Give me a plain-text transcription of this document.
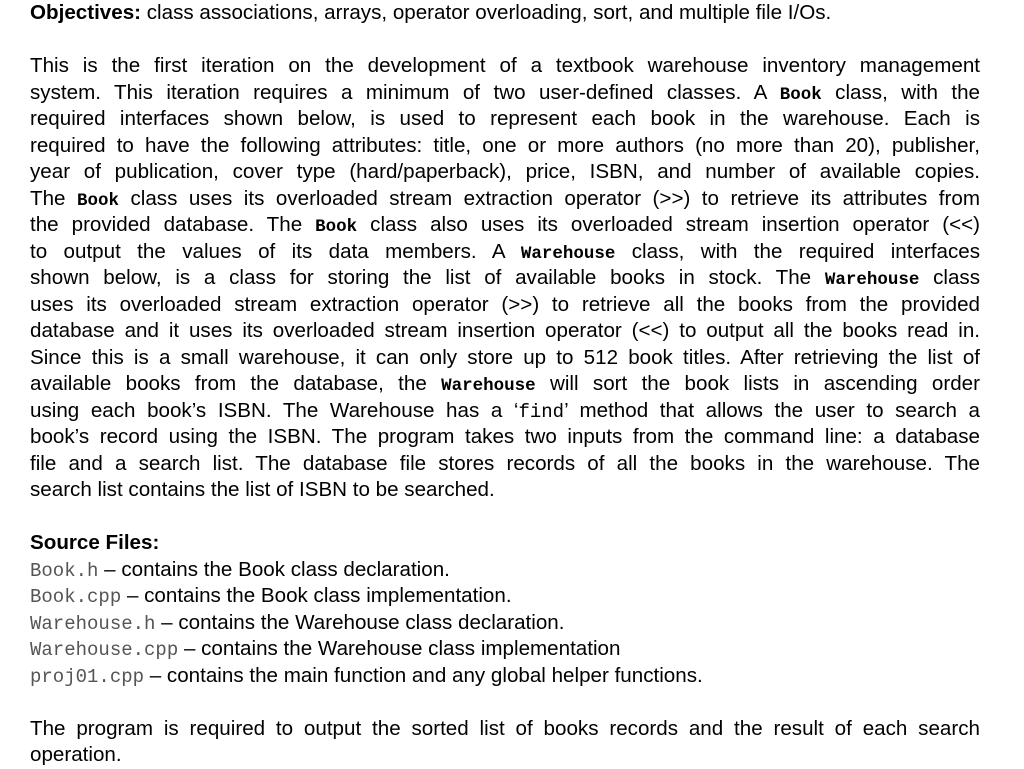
Objectives: class associations, arrays, operator overloading, sort, and multiple file I/Os.
This is the first iteration on the development of a textbook warehouse inventory management
system. This iteration requires a minimum of two user-defined classes. A Book class, with the
required interfaces shown below, is used to represent each book in the warehouse. Each is
required to have the following attributes: title, one or more authors (no more than 20), publisher,
year of publication, cover type (hard/paperback), price, ISBN, and number of available copies.
The Book class uses its overloaded stream extraction operator (>>) to retrieve its attributes from
the provided database. The Book class also uses its overloaded stream insertion operator (<<)
to output the values of its data members. A Warehouse class, with the required interfaces
shown below, is a class for storing the list of available books in stock. The Warehouse class
uses its overloaded stream extraction operator (>>) to retrieve all the books from the provided
database and it uses its overloaded stream insertion operator (<<) to output all the books read in.
Since this is a small warehouse, it can only store up to 512 book titles. After retrieving the list of
available books from the database, the Warehouse will sort the book lists in ascending order
using each book’s ISBN. The Warehouse has a ‘find’ method that allows the user to search a
book’s record using the ISBN. The program takes two inputs from the command line: a database
file and a search list. The database file stores records of all the books in the warehouse. The
search list contains the list of ISBN to be searched.
Source Files:
Book.h – contains the Book class declaration.
Book.cpp – contains the Book class implementation.
Warehouse.h – contains the Warehouse class declaration.
Warehouse.cpp – contains the Warehouse class implementation
proj01.cpp – contains the main function and any global helper functions.
The program is required to output the sorted list of books records and the result of each search
operation.
